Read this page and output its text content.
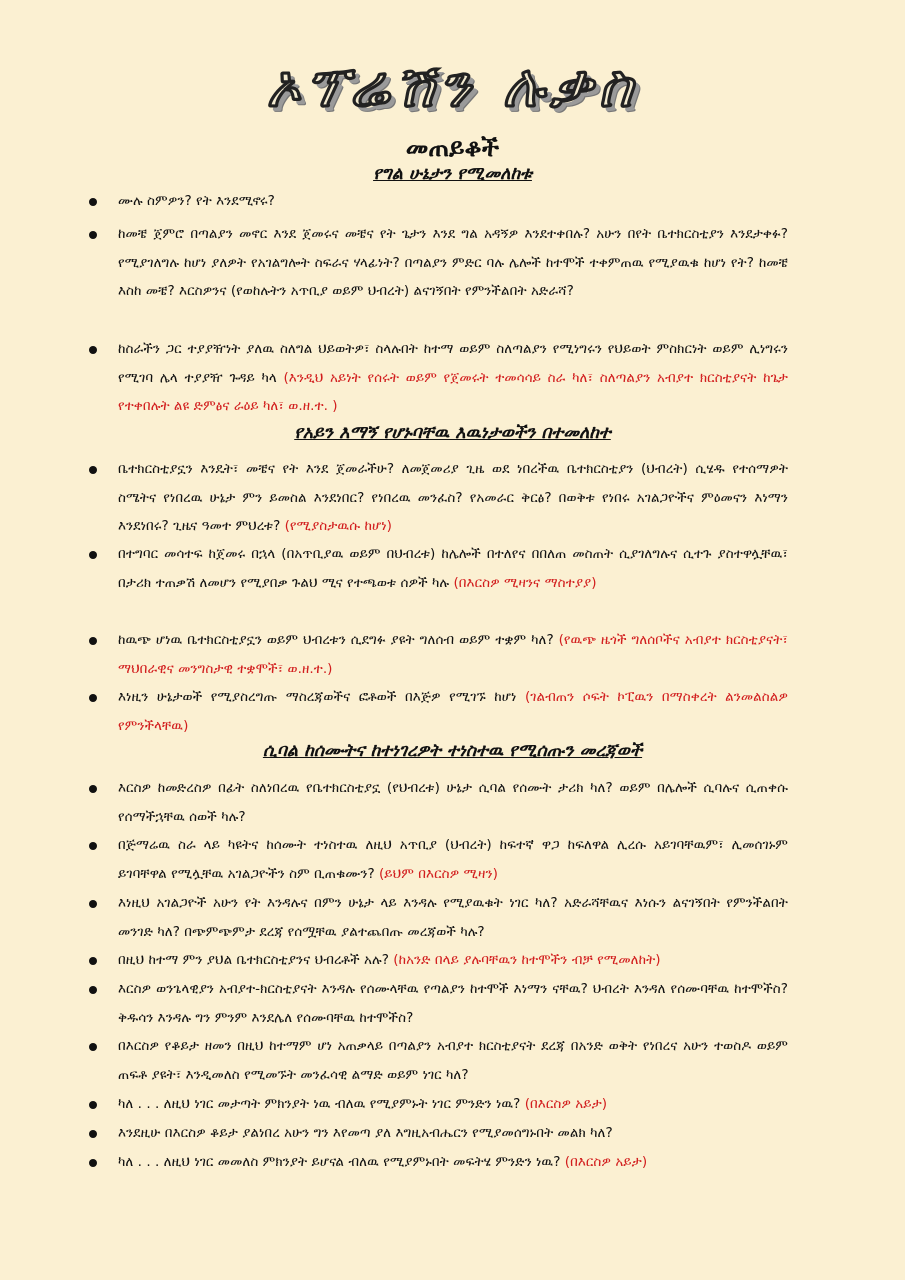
ኦፕሬሽን ሉቃስ
መጠይቆች
የግል ሁኔታን የሚመለከቱ
ሙሉ ስምዎን? የት እንደሚኖሩ?
ከመቼ ጀምሮ በጣልያን መኖር እንደ ጀመሩና መቼና የት ጌታን እንደ ግል አዳኝዎ እንደተቀበሉ? አሁን በየት ቤተክርስቲያን እንደታቀፉ? የሚያገለግሉ ከሆነ ያለዎት የአገልግሎት ስፍራና ሃላፊነት? በጣልያን ምድር ባሉ ሌሎች ከተሞች ተቀምጠዉ የሚያዉቁ ከሆነ የት? ከመቼ እስከ መቼ? እርስዎንና (የወከሉትን አጥቢያ ወይም ህብረት) ልናገኝበት የምንችልበት አድራሻ?
ከስራችን ጋር ተያያዥነት ያለዉ ስለግል ህይወትዎ፣ ስላሉበት ከተማ ወይም ስለጣልያን የሚነግሩን የህይወት ምስክርነት ወይም ሊነግሩን የሚገባ ሌላ ተያያዥ ጉዳይ ካላ (እንዲህ አይነት የሰሩት ወይም የጀመሩት ተመሳሳይ ስራ ካለ፣ ስለጣልያን አብያተ ክርስቲያናት ከጌታ የተቀበሉት ልዩ ድምፅና ራዕይ ካለ፣ ወ.ዘ.ተ. )
የአይን እማኝ የሆኑባቸዉ እዉነታወችን በተመለከተ
ቤተክርስቲያኗን እንዴት፣ መቼና የት እንደ ጀመራችሁ? ለመጀመሪያ ጊዜ ወደ ነበረችዉ ቤተክርስቲያን (ህብረት) ሲሄዱ የተሰማዎት ስሜትና የነበረዉ ሁኔታ ምን ይመስል እንደነበር? የነበረዉ መንፈስ? የአመራር ቅርፅ? በወቅቱ የነበሩ አገልጋዮችና ምዕመናን እነማን እንደነበሩ? ጊዜና ዓመተ ምህረቱ? (የሚያስታዉሱ ከሆነ)
በተግባር መሳተፍ ከጀመሩ በኋላ (በአጥቢያዉ ወይም በህብረቱ) ከሌሎች በተለየና በበለጠ መስጠት ሲያገለግሉና ሲተጉ ያስተዋሏቸዉ፣ በታሪክ ተጠቃሽ ለመሆን የሚያበቃ ጉልህ ሚና የተጫወቱ ሰዎች ካሉ (በእርስዎ ሚዛንና ማስተያያ)
ከዉጭ ሆነዉ ቤተክርስቲያኗን ወይም ህብረቱን ሲደግፉ ያዩት ግለሰብ ወይም ተቋም ካለ? (የዉጭ ዜጎች ግለሰቦችና አብያተ ክርስቲያናት፣ ማህበራዊና መንግስታዊ ተቋሞች፣ ወ.ዘ.ተ.)
እነዚን ሁኔታወች የሚያስረግጡ ማስረጃወችና ፎቶወች በእጅዎ የሚገኙ ከሆነ (ገልብጠን ሶፍት ኮፒዉን በማስቀረት ልንመልስልዎ የምንችላቸዉ)
ሲባል ከሰሙትና ከተነገረዎት ተነስተዉ የሚሰጡን መረጃወች
እርስዎ ከመድረስዎ በፊት ስለነበረዉ የቤተክርስቲያኗ (የህብረቱ) ሁኔታ ሲባል የሰሙት ታሪክ ካለ? ወይም በሌሎች ሲባሉና ሲጠቀሱ የሰማችኋቸዉ ሰወች ካሉ?
በጅማሬዉ ስራ ላይ ካዩትና ከሰሙት ተነስተዉ ለዚህ አጥቢያ (ህብረት) ከፍተኛ ዋጋ ከፍለዋል ሊረሱ አይገባቸዉም፣ ሊመሰገኑም ይገባቸዋል የሚሏቸዉ አገልጋዮችን ስም ቢጠቁሙን? (ይህም በእርስዎ ሚዛን)
እነዚህ አገልጋዮች አሁን የት እንዳሉና በምን ሁኔታ ላይ እንዳሉ የሚያዉቁት ነገር ካለ? አድራሻቸዉና እነሱን ልናገኝበት የምንችልበት መንገድ ካለ? በጭምጭምታ ደረጃ የሰሟቸዉ ያልተጨበጡ መረጃወች ካሉ?
በዚህ ከተማ ምን ያህል ቤተክርስቲያንና ህብረቶች አሉ? (ከአንድ በላይ ያሉባቸዉን ከተሞችን ብቻ የሚመለከት)
እርስዎ ወንጌላዊያን አብያተ-ክርስቲያናት እንዳሉ የሰሙላቸዉ የጣልያን ከተሞች እነማን ናቸዉ? ህብረት እንዳለ የሰሙባቸዉ ከተሞችስ? ቅዱሳን እንዳሉ ግን ምንም እንደሌለ የሰሙባቸዉ ከተሞችስ?
በእርስዎ የቆይታ ዘመን በዚህ ከተማም ሆነ አጠቃላይ በጣልያን አብያተ ክርስቲያናት ደረጃ በአንድ ወቅት የነበረና አሁን ተወስዶ ወይም ጠፍቶ ያዩት፣ እንዲመለስ የሚመኙት መንፈሳዊ ልማድ ወይም ነገር ካለ?
ካለ . . . ለዚህ ነገር መታጣት ምክንያት ነዉ ብለዉ የሚያምኑት ነገር ምንድን ነዉ? (በእርስዎ አይታ)
እንደዚሁ በእርስዎ ቆይታ ያልነበረ አሁን ግን እየመጣ ያለ እግዚአብሔርን የሚያመሰግኑበት መልክ ካለ?
ካለ . . . ለዚህ ነገር መመለስ ምክንያት ይሆናል ብለዉ የሚያምኑበት መፍትሄ ምንድን ነዉ? (በእርስዎ አይታ)
